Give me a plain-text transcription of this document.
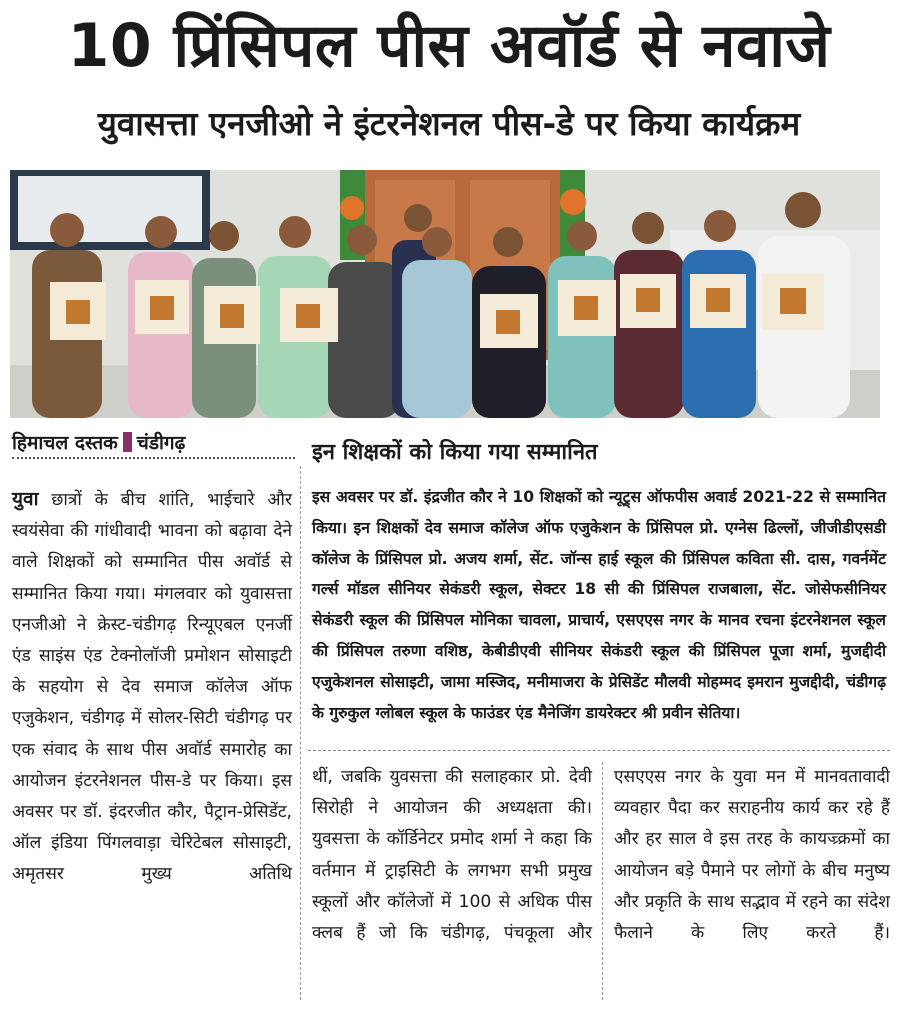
10 प्रिंसिपल पीस अवॉर्ड से नवाजे
युवासत्ता एनजीओ ने इंटरनेशनल पीस-डे पर किया कार्यक्रम
हिमाचल दस्तक चंडीगढ़

युवा छात्रों के बीच शांति, भाईचारे और स्वयंसेवा की गांधीवादी भावना को बढ़ावा देने वाले शिक्षकों को सम्मानित पीस अवॉर्ड से सम्मानित किया गया। मंगलवार को युवासत्ता एनजीओ ने क्रेस्ट-चंडीगढ़ रिन्यूएबल एनर्जी एंड साइंस एंड टेक्नोलॉजी प्रमोशन सोसाइटी के सहयोग से देव समाज कॉलेज ऑफ एजुकेशन, चंडीगढ़ में सोलर-सिटी चंडीगढ़ पर एक संवाद के साथ पीस अवॉर्ड समारोह का आयोजन इंटरनेशनल पीस-डे पर किया। इस अवसर पर डॉ. इंदरजीत कौर, पैट्रान-प्रेसिडेंट, ऑल इंडिया पिंगलवाड़ा चेरिटेबल सोसाइटी, अमृतसर मुख्य अतिथि

इन शिक्षकों को किया गया सम्मानित
इस अवसर पर डॉ. इंद्रजीत कौर ने 10 शिक्षकों को न्यूट्र्स ऑफपीस अवार्ड 2021-22 से सम्मानित किया। इन शिक्षकों देव समाज कॉलेज ऑफ एजुकेशन के प्रिंसिपल प्रो. एग्नेस ढिल्लों, जीजीडीएसडी कॉलेज के प्रिंसिपल प्रो. अजय शर्मा, सेंट. जॉन्स हाई स्कूल की प्रिंसिपल कविता सी. दास, गवर्नमेंट गर्ल्स मॉडल सीनियर सेकंडरी स्कूल, सेक्टर 18 सी की प्रिंसिपल राजबाला, सेंट. जोसेफसीनियर सेकंडरी स्कूल की प्रिंसिपल मोनिका चावला, प्राचार्य, एसएएस नगर के मानव रचना इंटरनेशनल स्कूल की प्रिंसिपल तरुणा वशिष्ठ, केबीडीएवी सीनियर सेकंडरी स्कूल की प्रिंसिपल पूजा शर्मा, मुजद्दीदी एजुकेशनल सोसाइटी, जामा मस्जिद, मनीमाजरा के प्रेसिडेंट मौलवी मोहम्मद इमरान मुजद्दीदी, चंडीगढ़ के गुरुकुल ग्लोबल स्कूल के फाउंडर एंड मैनेजिंग डायरेक्टर श्री प्रवीन सेतिया।
थीं, जबकि युवसत्ता की सलाहकार प्रो. देवी सिरोही ने आयोजन की अध्यक्षता की। युवसत्ता के कॉर्डिनेटर प्रमोद शर्मा ने कहा कि वर्तमान में ट्राइसिटी के लगभग सभी प्रमुख स्कूलों और कॉलेजों में 100 से अधिक पीस क्लब हैं जो कि चंडीगढ़, पंचकूला और
एसएएस नगर के युवा मन में मानवतावादी व्यवहार पैदा कर सराहनीय कार्य कर रहे हैं और हर साल वे इस तरह के कायज्र्क्रमों का आयोजन बड़े पैमाने पर लोगों के बीच मनुष्य और प्रकृति के साथ सद्भाव में रहने का संदेश फैलाने के लिए करते हैं।
